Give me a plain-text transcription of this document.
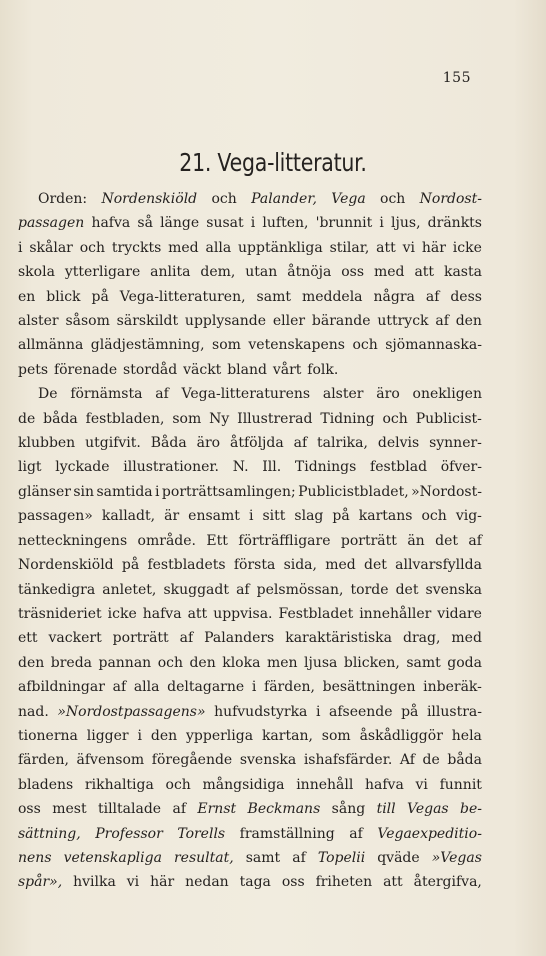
155
21. Vega-litteratur.
Orden: Nordenskiöld och Palander, Vega och Nordost-
passagen hafva så länge susat i luften, 'brunnit i ljus, dränkts
i skålar och tryckts med alla upptänkliga stilar, att vi här icke
skola ytterligare anlita dem, utan åtnöja oss med att kasta
en blick på Vega-litteraturen, samt meddela några af dess
alster såsom särskildt upplysande eller bärande uttryck af den
allmänna glädjestämning, som vetenskapens och sjömannaska-
pets förenade stordåd väckt bland vårt folk.
De förnämsta af Vega-litteraturens alster äro onekligen
de båda festbladen, som Ny Illustrerad Tidning och Publicist-
klubben utgifvit. Båda äro åtföljda af talrika, delvis synner-
ligt lyckade illustrationer. N. Ill. Tidnings festblad öfver-
glänser sin samtida i porträttsamlingen; Publicistbladet, »Nordost-
passagen» kalladt, är ensamt i sitt slag på kartans och vig-
netteckningens område. Ett förträffligare porträtt än det af
Nordenskiöld på festbladets första sida, med det allvarsfyllda
tänkedigra anletet, skuggadt af pelsmössan, torde det svenska
träsnideriet icke hafva att uppvisa. Festbladet innehåller vidare
ett vackert porträtt af Palanders karaktäristiska drag, med
den breda pannan och den kloka men ljusa blicken, samt goda
afbildningar af alla deltagarne i färden, besättningen inberäk-
nad. »Nordostpassagens» hufvudstyrka i afseende på illustra-
tionerna ligger i den ypperliga kartan, som åskådliggör hela
färden, äfvensom föregående svenska ishafsfärder. Af de båda
bladens rikhaltiga och mångsidiga innehåll hafva vi funnit
oss mest tilltalade af Ernst Beckmans sång till Vegas be-
sättning, Professor Torells framställning af Vegaexpeditio-
nens vetenskapliga resultat, samt af Topelii qväde »Vegas
spår», hvilka vi här nedan taga oss friheten att återgifva,
